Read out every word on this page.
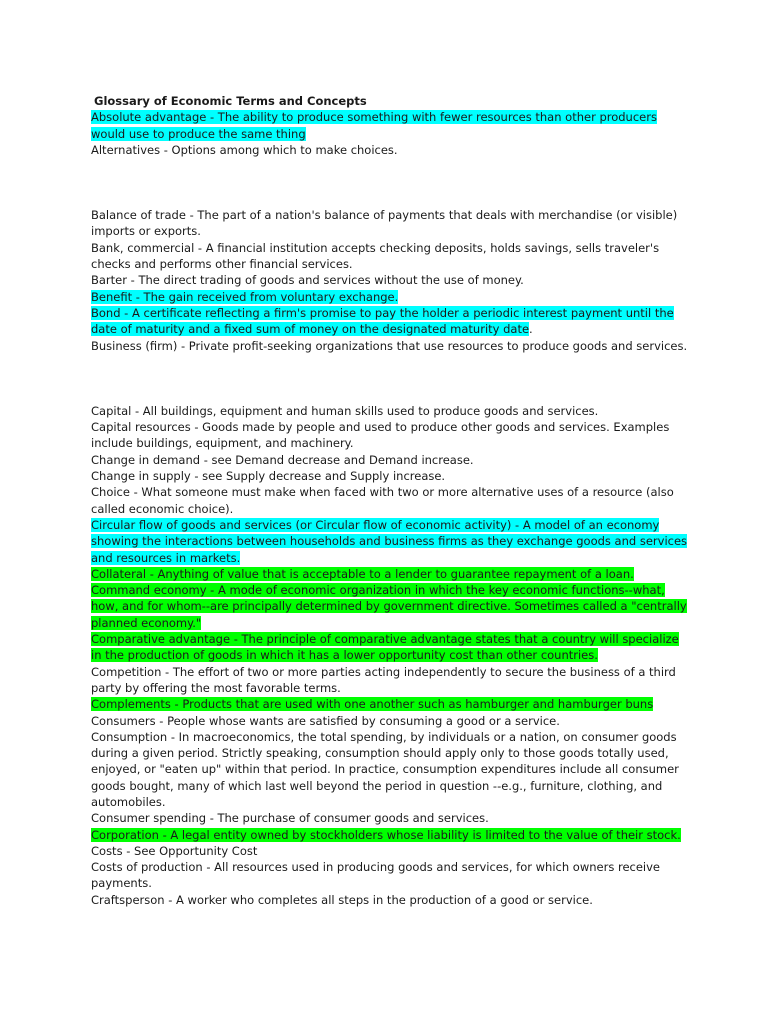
Glossary of Economic Terms and Concepts
Absolute advantage - The ability to produce something with fewer resources than other producers would use to produce the same thing
Alternatives - Options among which to make choices.
Balance of trade - The part of a nation's balance of payments that deals with merchandise (or visible) imports or exports.
Bank, commercial - A financial institution accepts checking deposits, holds savings, sells traveler's checks and performs other financial services.
Barter - The direct trading of goods and services without the use of money.
Benefit - The gain received from voluntary exchange.
Bond - A certificate reflecting a firm's promise to pay the holder a periodic interest payment until the date of maturity and a fixed sum of money on the designated maturity date.
Business (firm) - Private profit-seeking organizations that use resources to produce goods and services.
Capital - All buildings, equipment and human skills used to produce goods and services.
Capital resources - Goods made by people and used to produce other goods and services. Examples include buildings, equipment, and machinery.
Change in demand - see Demand decrease and Demand increase.
Change in supply - see Supply decrease and Supply increase.
Choice - What someone must make when faced with two or more alternative uses of a resource (also called economic choice).
Circular flow of goods and services (or Circular flow of economic activity) - A model of an economy showing the interactions between households and business firms as they exchange goods and services and resources in markets.
Collateral - Anything of value that is acceptable to a lender to guarantee repayment of a loan.
Command economy - A mode of economic organization in which the key economic functions--what, how, and for whom--are principally determined by government directive. Sometimes called a "centrally planned economy."
Comparative advantage - The principle of comparative advantage states that a country will specialize in the production of goods in which it has a lower opportunity cost than other countries.
Competition - The effort of two or more parties acting independently to secure the business of a third party by offering the most favorable terms.
Complements - Products that are used with one another such as hamburger and hamburger buns
Consumers - People whose wants are satisfied by consuming a good or a service.
Consumption - In macroeconomics, the total spending, by individuals or a nation, on consumer goods during a given period. Strictly speaking, consumption should apply only to those goods totally used, enjoyed, or "eaten up" within that period. In practice, consumption expenditures include all consumer goods bought, many of which last well beyond the period in question --e.g., furniture, clothing, and automobiles.
Consumer spending - The purchase of consumer goods and services.
Corporation - A legal entity owned by stockholders whose liability is limited to the value of their stock.
Costs - See Opportunity Cost
Costs of production - All resources used in producing goods and services, for which owners receive payments.
Craftsperson - A worker who completes all steps in the production of a good or service.
